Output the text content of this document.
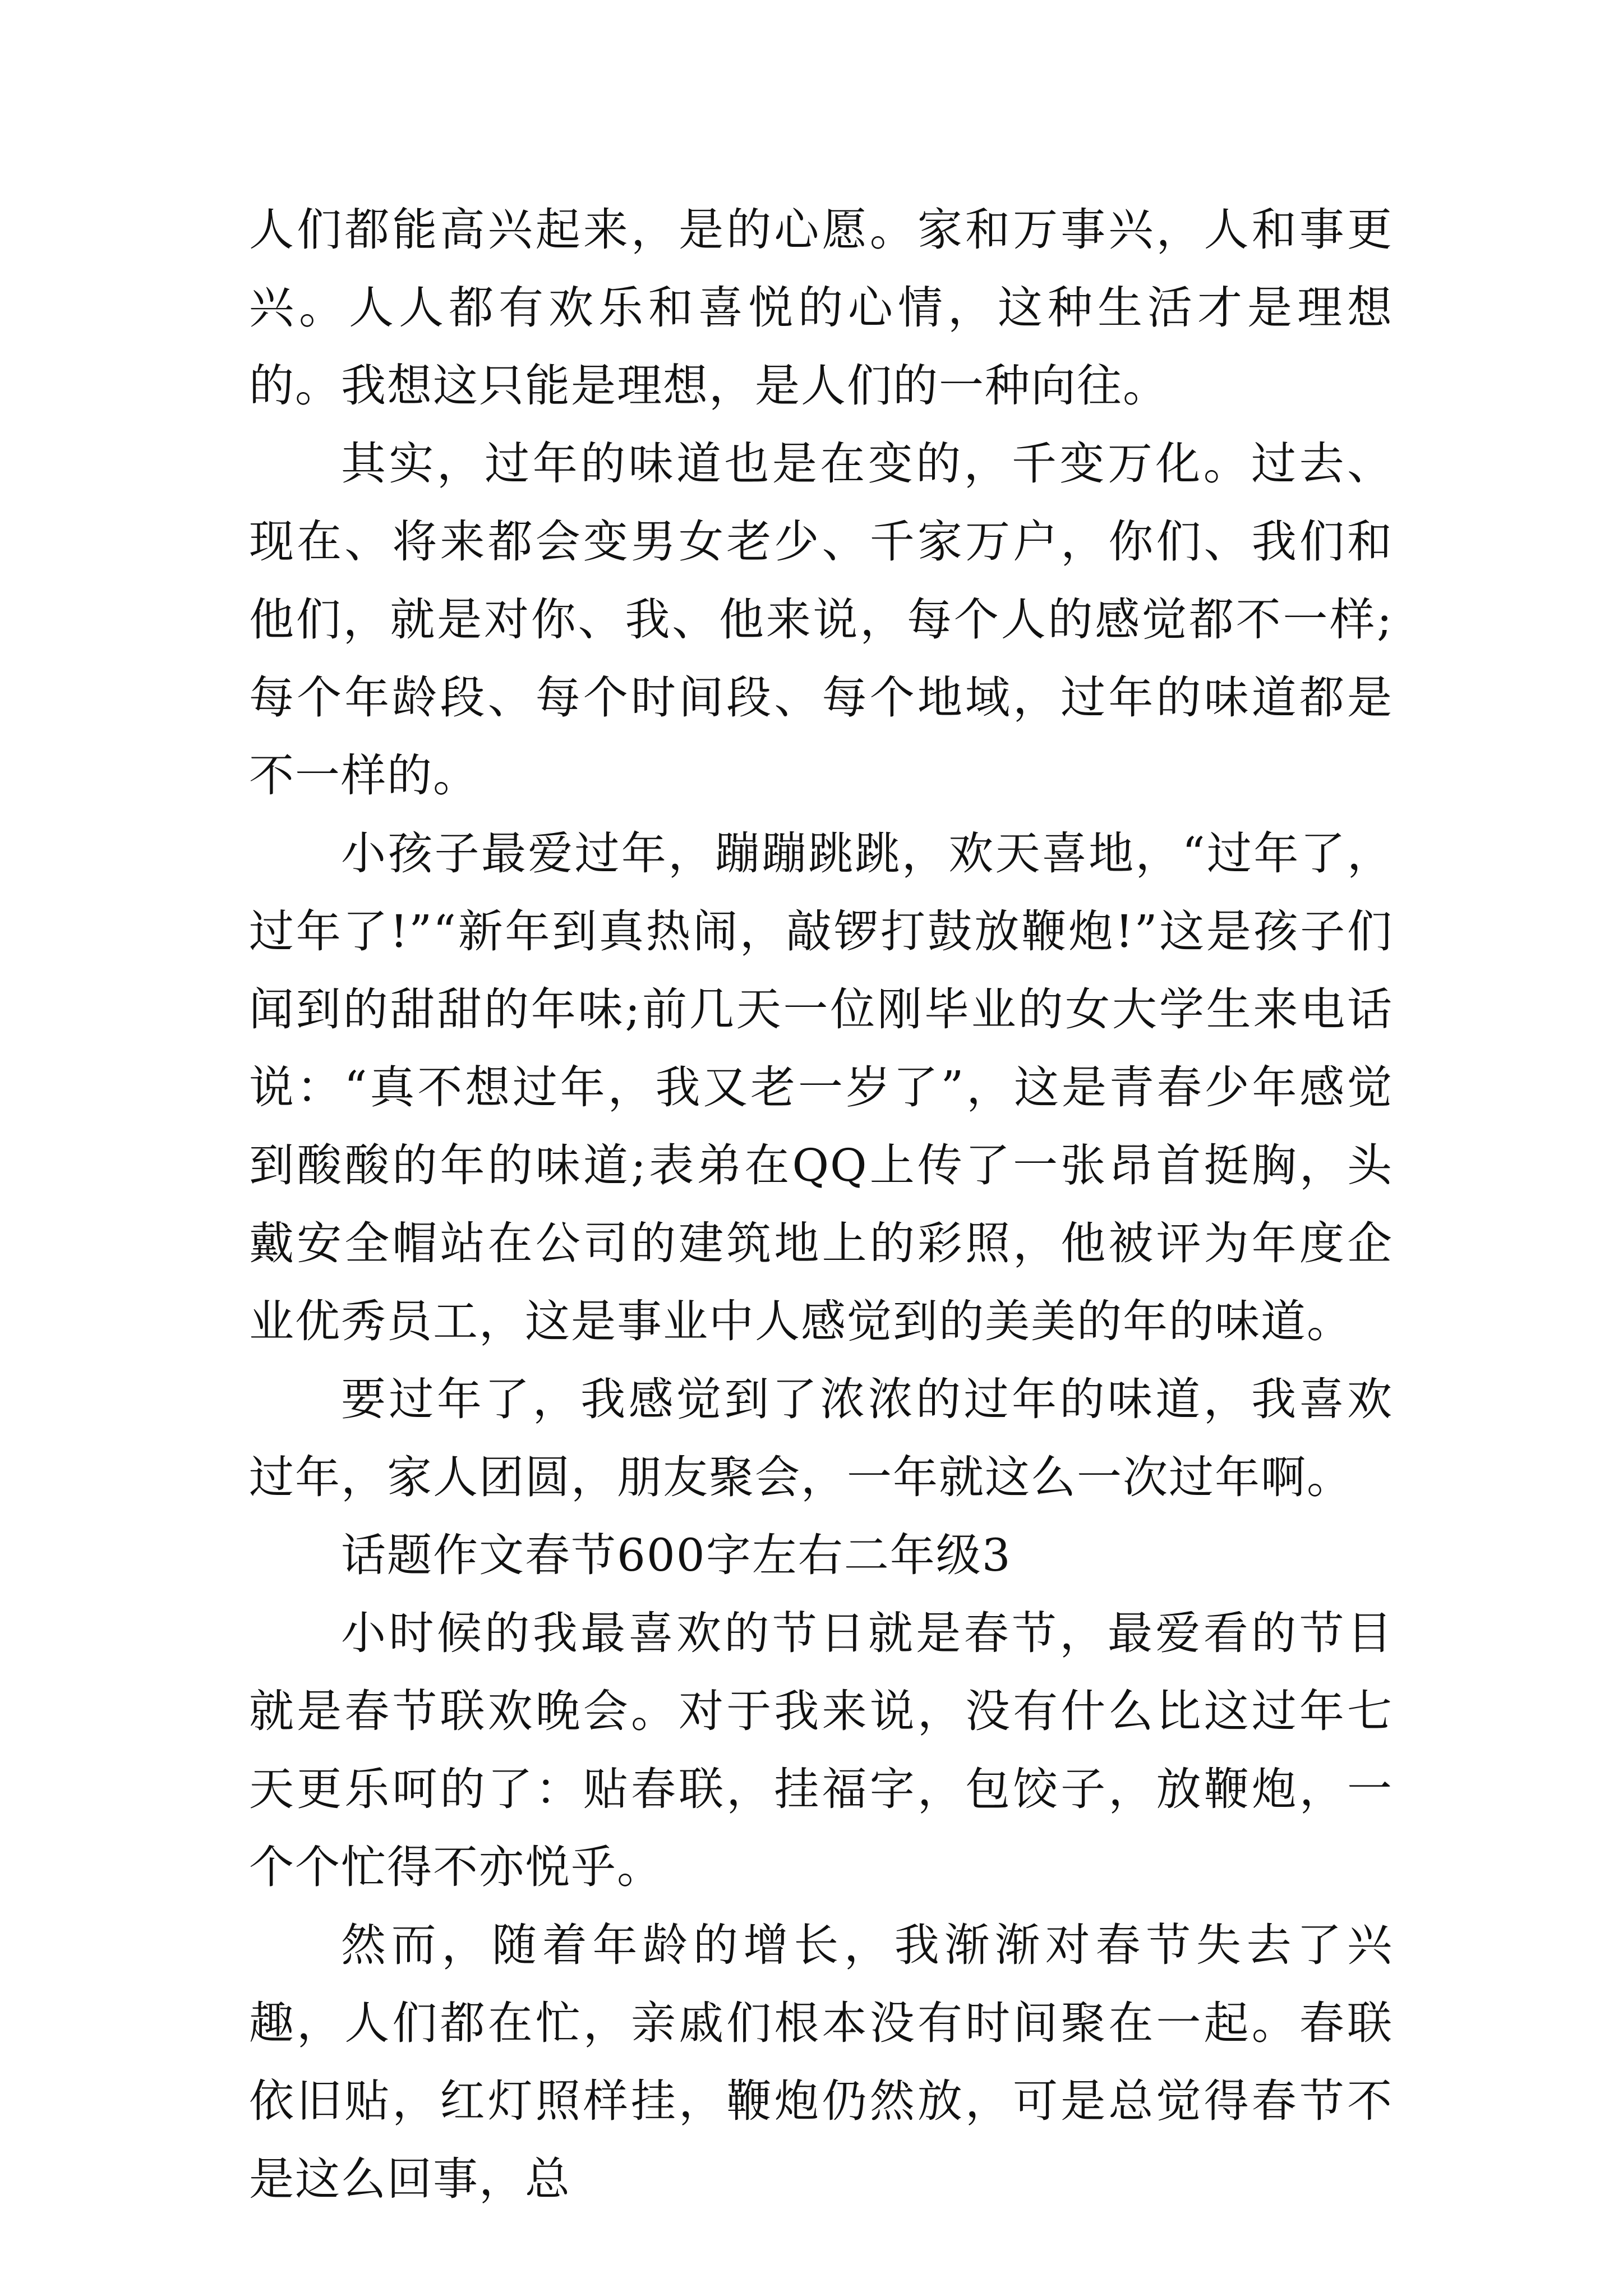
人们都能高兴起来，是的心愿。家和万事兴，人和事更兴。人人都有欢乐和喜悦的心情，这种生活才是理想的。我想这只能是理想，是人们的一种向往。

其实，过年的味道也是在变的，千变万化。过去、现在、将来都会变男女老少、千家万户，你们、我们和他们，就是对你、我、他来说，每个人的感觉都不一样;每个年龄段、每个时间段、每个地域，过年的味道都是不一样的。

小孩子最爱过年，蹦蹦跳跳，欢天喜地，“过年了，过年了!”“新年到真热闹，敲锣打鼓放鞭炮!”这是孩子们闻到的甜甜的年味;前几天一位刚毕业的女大学生来电话说：“真不想过年，我又老一岁了”，这是青春少年感觉到酸酸的年的味道;表弟在QQ上传了一张昂首挺胸，头戴安全帽站在公司的建筑地上的彩照，他被评为年度企业优秀员工，这是事业中人感觉到的美美的年的味道。

要过年了，我感觉到了浓浓的过年的味道，我喜欢过年，家人团圆，朋友聚会，一年就这么一次过年啊。

话题作文春节600字左右二年级3

小时候的我最喜欢的节日就是春节，最爱看的节目就是春节联欢晚会。对于我来说，没有什么比这过年七天更乐呵的了：贴春联，挂福字，包饺子，放鞭炮，一个个忙得不亦悦乎。

然而，随着年龄的增长，我渐渐对春节失去了兴趣，人们都在忙，亲戚们根本没有时间聚在一起。春联依旧贴，红灯照样挂，鞭炮仍然放，可是总觉得春节不是这么回事，总
